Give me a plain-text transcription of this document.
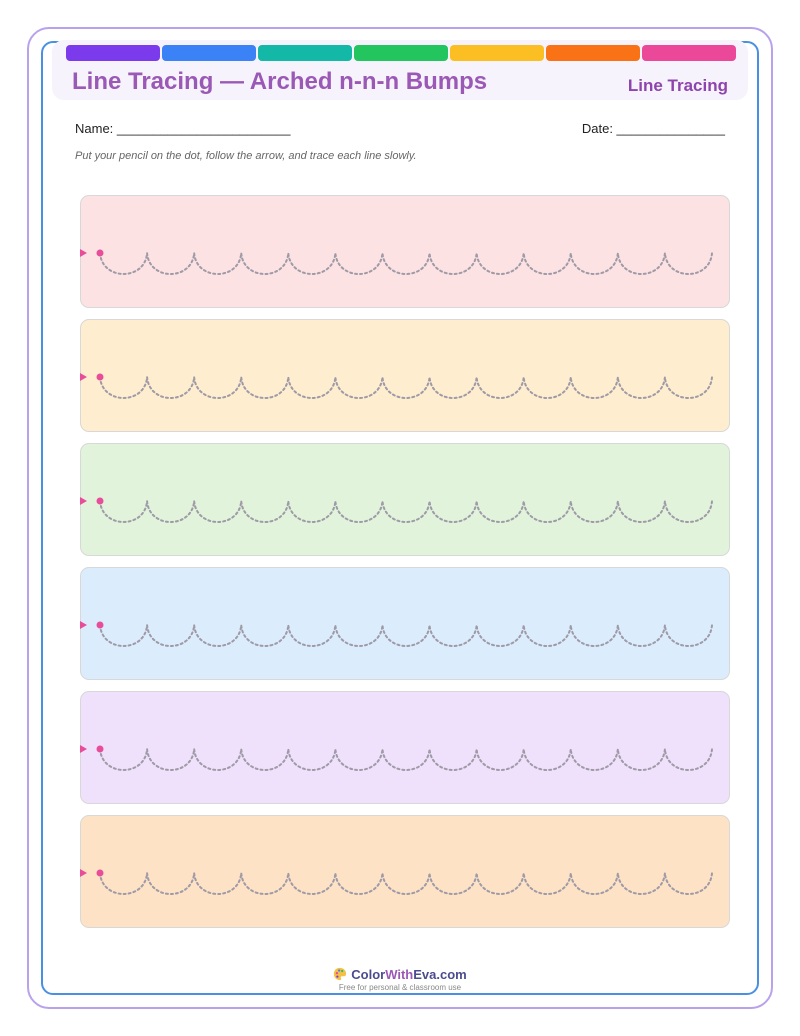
Line Tracing — Arched n-n-n Bumps	Line Tracing
Name: ________________________	Date: _______________
Put your pencil on the dot, follow the arrow, and trace each line slowly.
ColorWithEva.com
Free for personal & classroom use
